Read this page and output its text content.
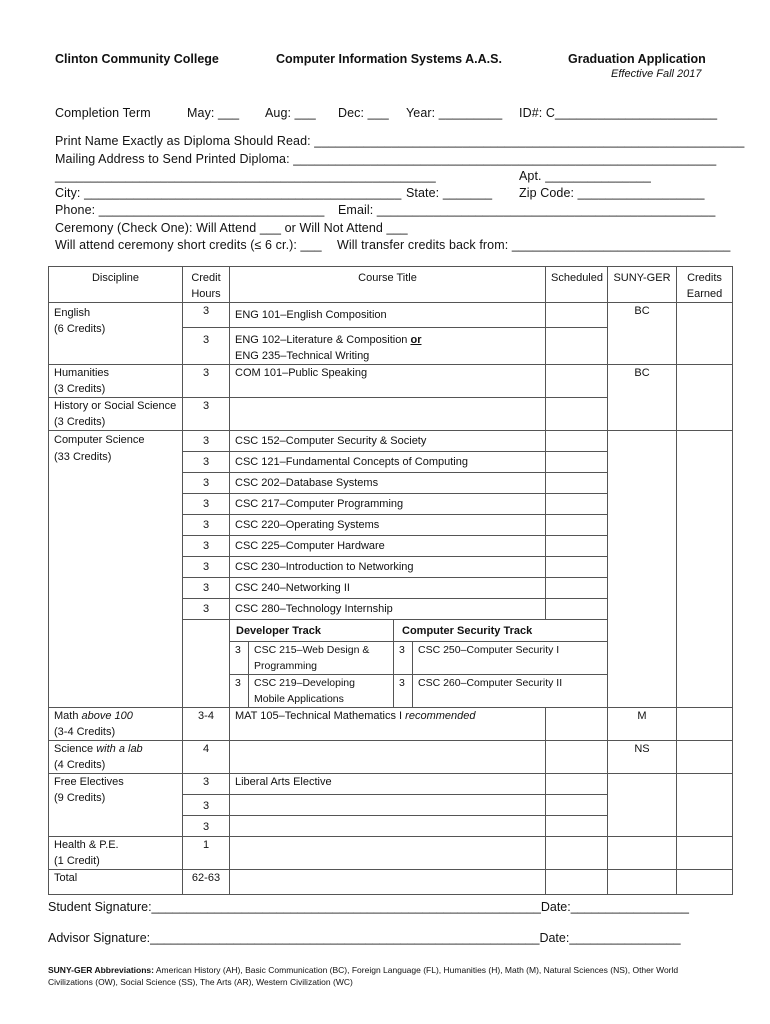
Clinton Community College	Computer Information Systems A.A.S.	Graduation Application
Effective Fall 2017
Completion Term	May: ___ Aug: ___ Dec: ___ Year: _________ ID#: C_______________________
Print Name Exactly as Diploma Should Read: _____________________________________________________________
Mailing Address to Send Printed Diploma: ____________________________________________________________
______________________________________________________	Apt. _______________
City: _____________________________________________ State: _______ Zip Code: __________________
Phone: ________________________________ Email: ________________________________________________
Ceremony (Check One): Will Attend ___ or Will Not Attend ___
Will attend ceremony short credits (≤ 6 cr.): ___ Will transfer credits back from: _______________________________
Discipline	Credit
Hours	Course Title	Scheduled	SUNY-GER	Credits
Earned
English
(6 Credits)	3	ENG 101–English Composition		BC	
3	ENG 102–Literature & Composition or
ENG 235–Technical Writing	
Humanities
(3 Credits)	3	COM 101–Public Speaking		BC	
History or Social Science
(3 Credits)	3		
Computer Science
(33 Credits)
	3	CSC 152–Computer Security & Society			
3	CSC 121–Fundamental Concepts of Computing	
3	CSC 202–Database Systems	
3	CSC 217–Computer Programming	
3	CSC 220–Operating Systems	
3	CSC 225–Computer Hardware	
3	CSC 230–Introduction to Networking	
3	CSC 240–Networking II	
3	CSC 280–Technology Internship	

Developer Track	Computer Security Track

3	CSC 215–Web Design & Programming	3	CSC 250–Computer Security I
3	CSC 219–Developing Mobile Applications	3	CSC 260–Computer Security II

Math above 100
(3-4 Credits)	3-4	MAT 105–Technical Mathematics I recommended		M	
Science with a lab
(4 Credits)	4			NS	
Free Electives
(9 Credits)	3	Liberal Arts Elective			
3		
3		
Health & P.E.
(1 Credit)	1				
Total	62-63				
Student Signature:________________________________________________________Date:_________________
Advisor Signature:________________________________________________________Date:________________
SUNY-GER Abbreviations: American History (AH), Basic Communication (BC), Foreign Language (FL), Humanities (H), Math (M), Natural Sciences (NS), Other World
Civilizations (OW), Social Science (SS), The Arts (AR), Western Civilization (WC)
